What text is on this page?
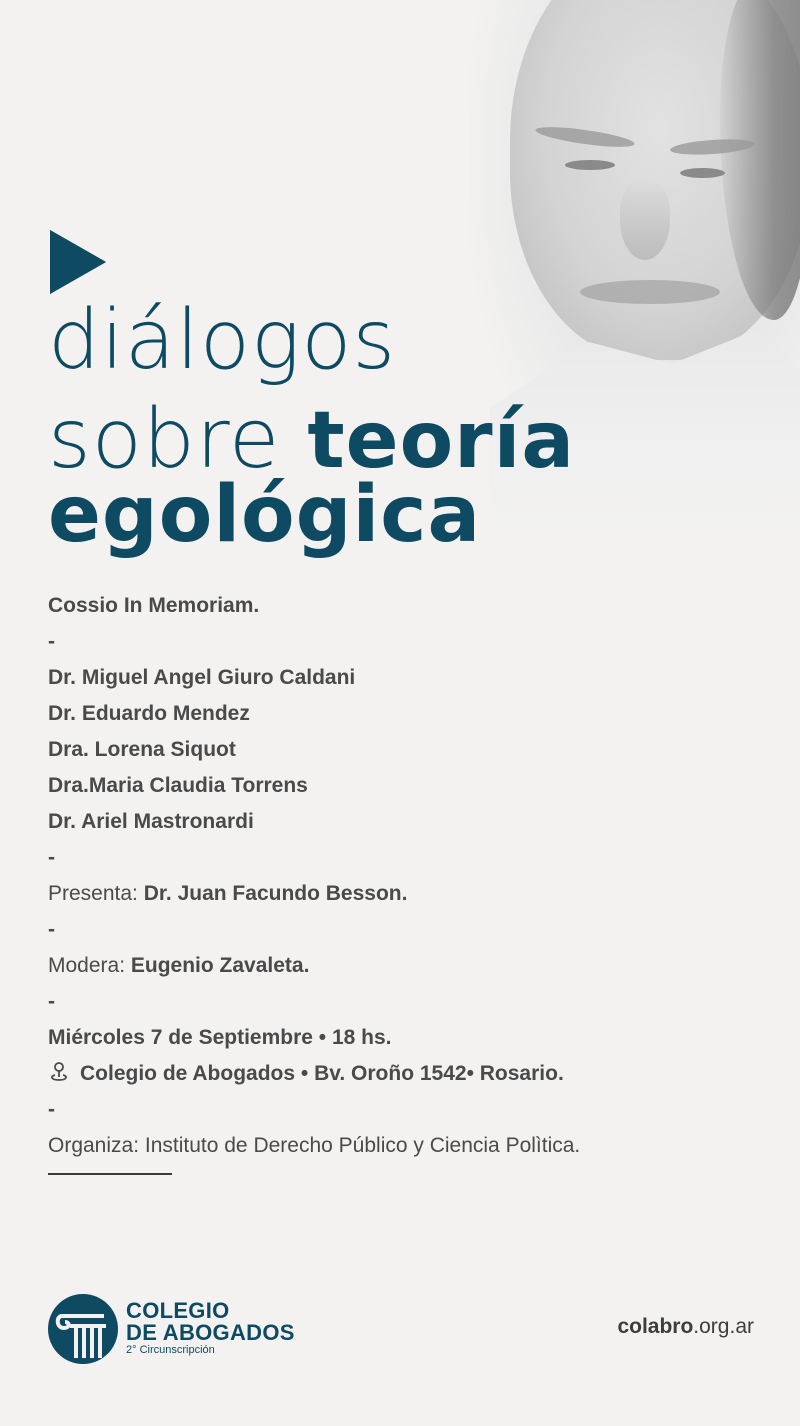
diálogos
sobre teoría
egológica
Cossio In Memoriam.
-
Dr. Miguel Angel Giuro Caldani
Dr. Eduardo Mendez
Dra. Lorena Siquot
Dra.Maria Claudia Torrens
Dr. Ariel Mastronardi
-
Presenta: Dr. Juan Facundo Besson.
-
Modera: Eugenio Zavaleta.
-
Miércoles 7 de Septiembre • 18 hs.
Colegio de Abogados • Bv. Oroño 1542• Rosario.
-
Organiza: Instituto de Derecho Público y Ciencia Polìtica.
COLEGIO
DE ABOGADOS
2° Circunscripción
colabro.org.ar
